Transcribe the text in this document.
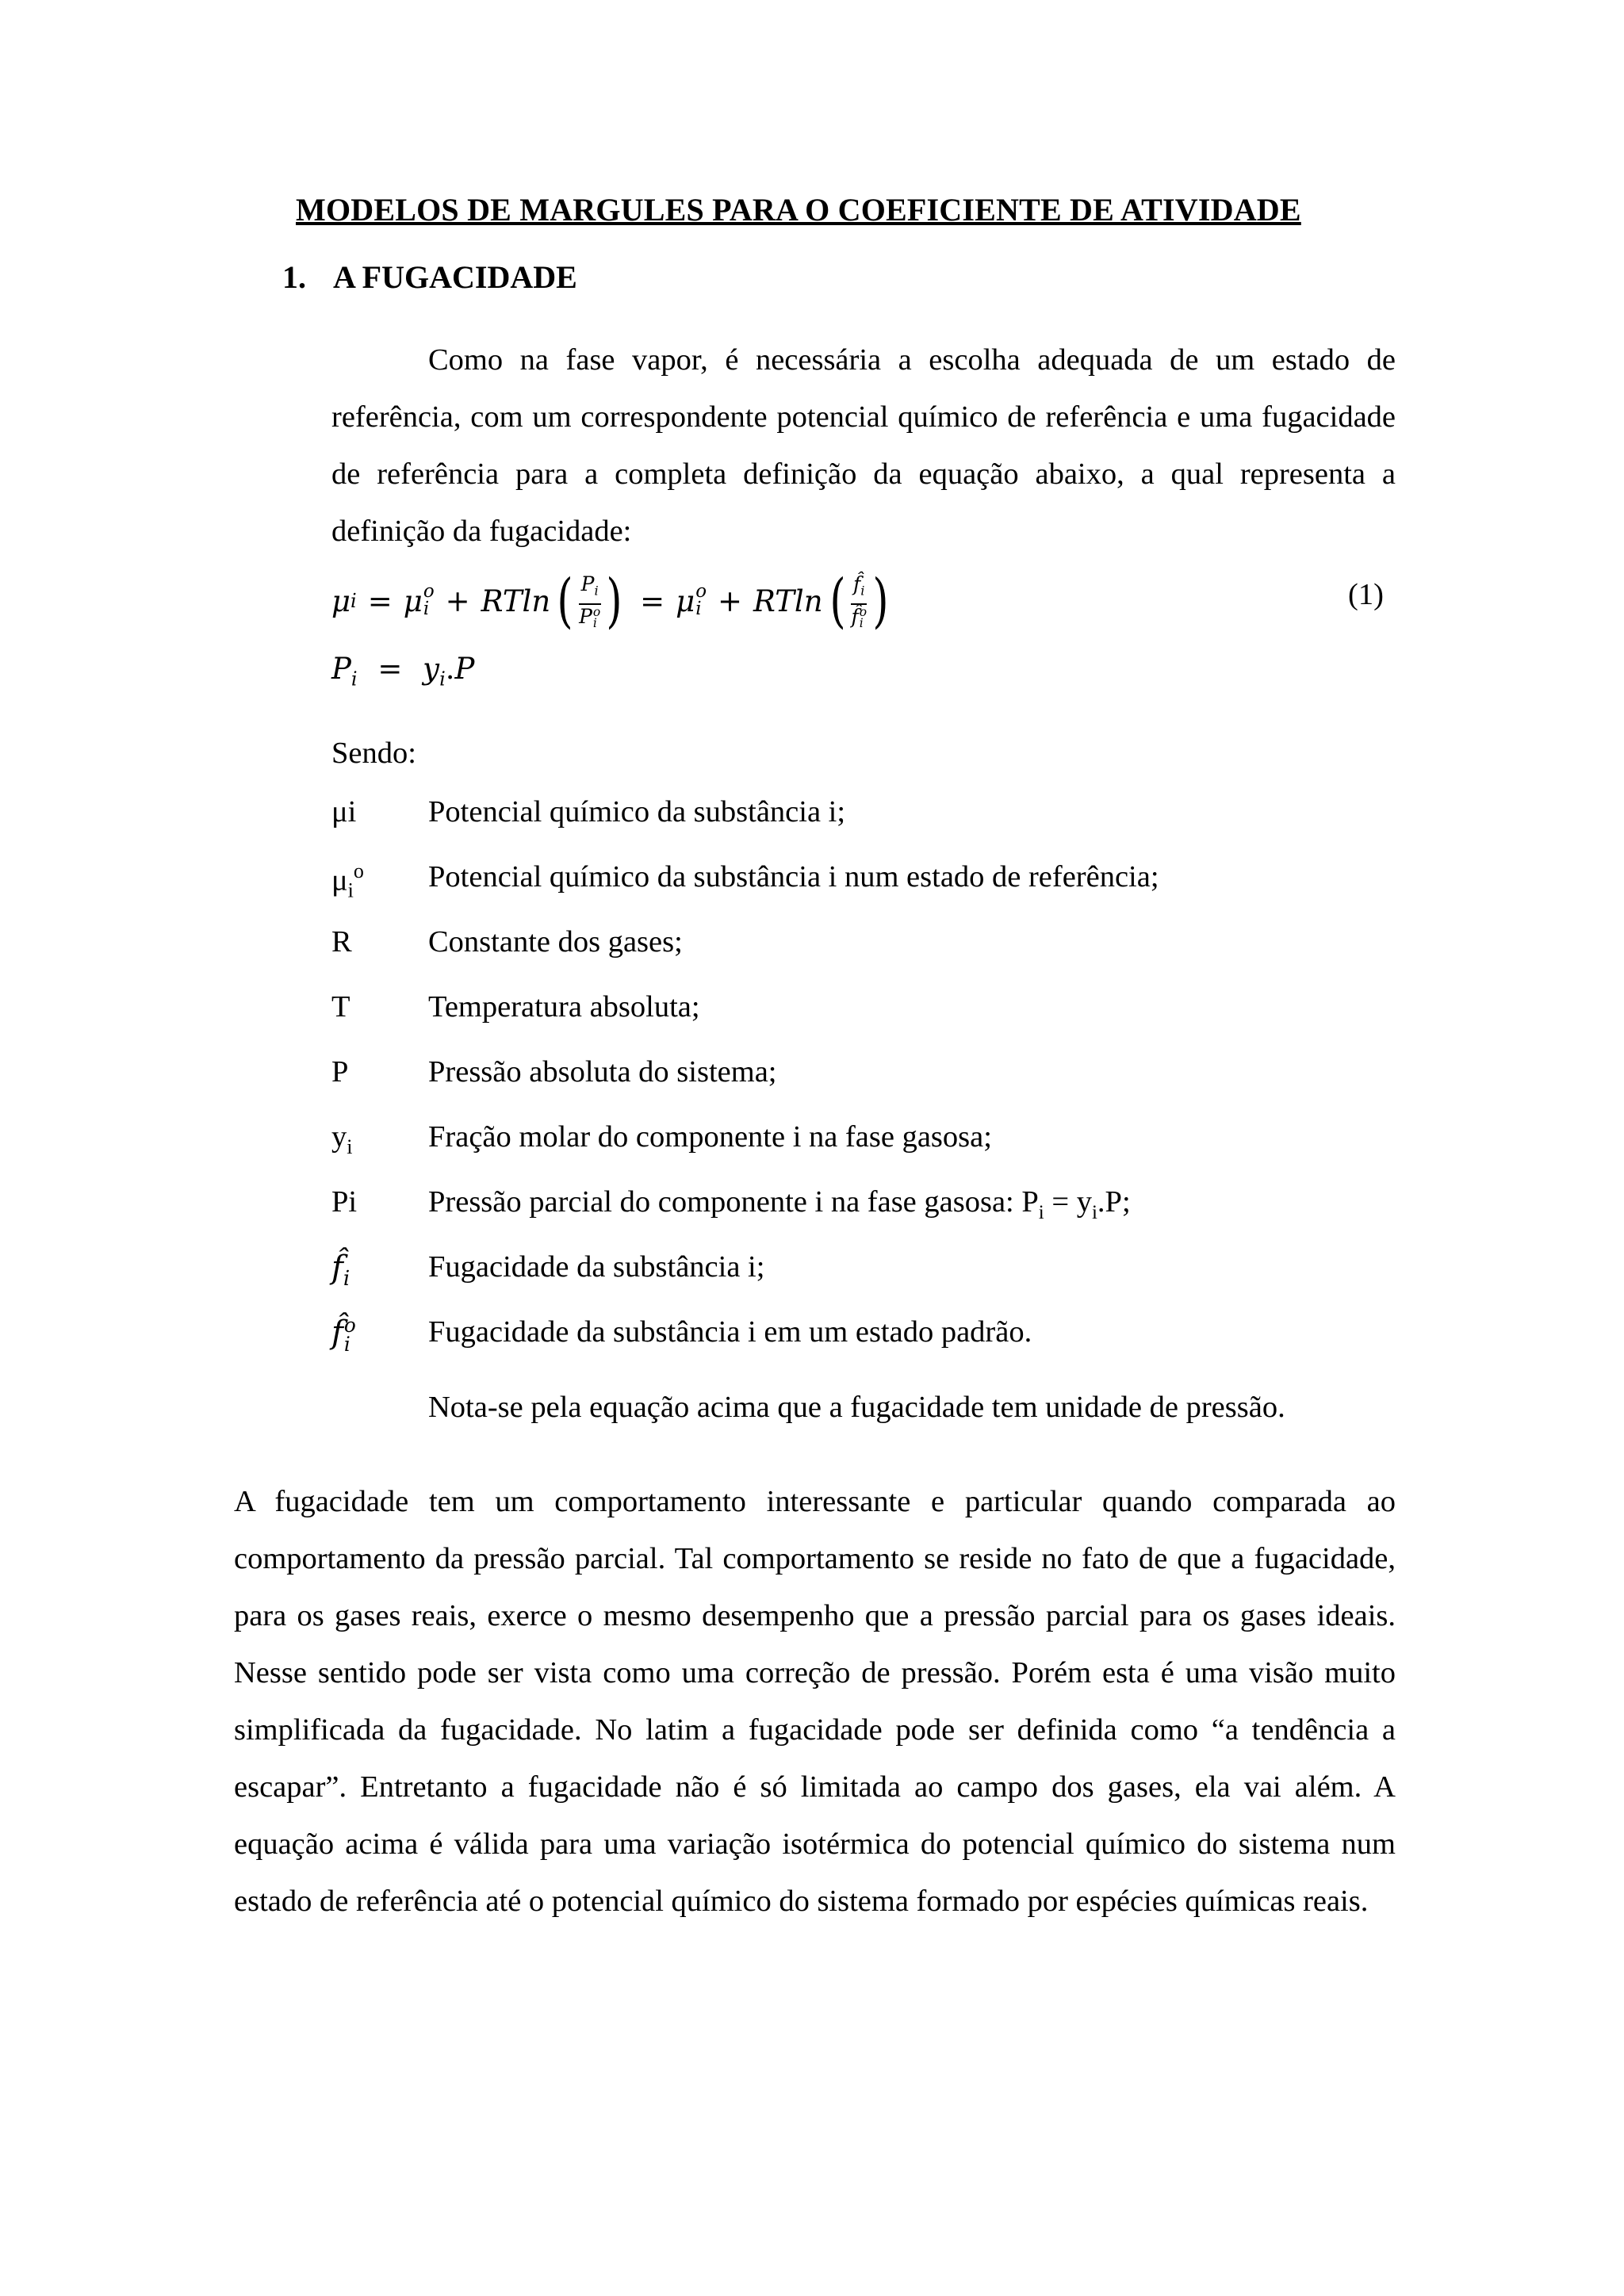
MODELOS DE MARGULES PARA O COEFICIENTE DE ATIVIDADE
1. A FUGACIDADE

Como na fase vapor, é necessária a escolha adequada de um estado de referência, com um correspondente potencial químico de referência e uma fugacidade de referência para a completa definição da equação abaixo, a qual representa a definição da fugacidade:

μ i = μ o
i + RTln ( $P_i$
P o
i ) = μ o
i + RTln ( $f̂_i$
f̂ o
i )	(1)
$P_i = y_i.P$
Sendo:
μi	Potencial químico da substância i;
$\mu_i^o$	Potencial químico da substância i num estado de referência;
R	Constante dos gases;
T	Temperatura absoluta;
P	Pressão absoluta do sistema;
$y_i$	Fração molar do componente i na fase gasosa;
Pi	Pressão parcial do componente i na fase gasosa: $P_i = y_i.P$;
$f̂_i$	Fugacidade da substância i;
f̂ o
i	Fugacidade da substância i em um estado padrão.
Nota-se pela equação acima que a fugacidade tem unidade de pressão.

A fugacidade tem um comportamento interessante e particular quando comparada ao comportamento da pressão parcial. Tal comportamento se reside no fato de que a fugacidade, para os gases reais, exerce o mesmo desempenho que a pressão parcial para os gases ideais. Nesse sentido pode ser vista como uma correção de pressão. Porém esta é uma visão muito simplificada da fugacidade. No latim a fugacidade pode ser definida como “a tendência a escapar”. Entretanto a fugacidade não é só limitada ao campo dos gases, ela vai além. A equação acima é válida para uma variação isotérmica do potencial químico do sistema num estado de referência até o potencial químico do sistema formado por espécies químicas reais.
